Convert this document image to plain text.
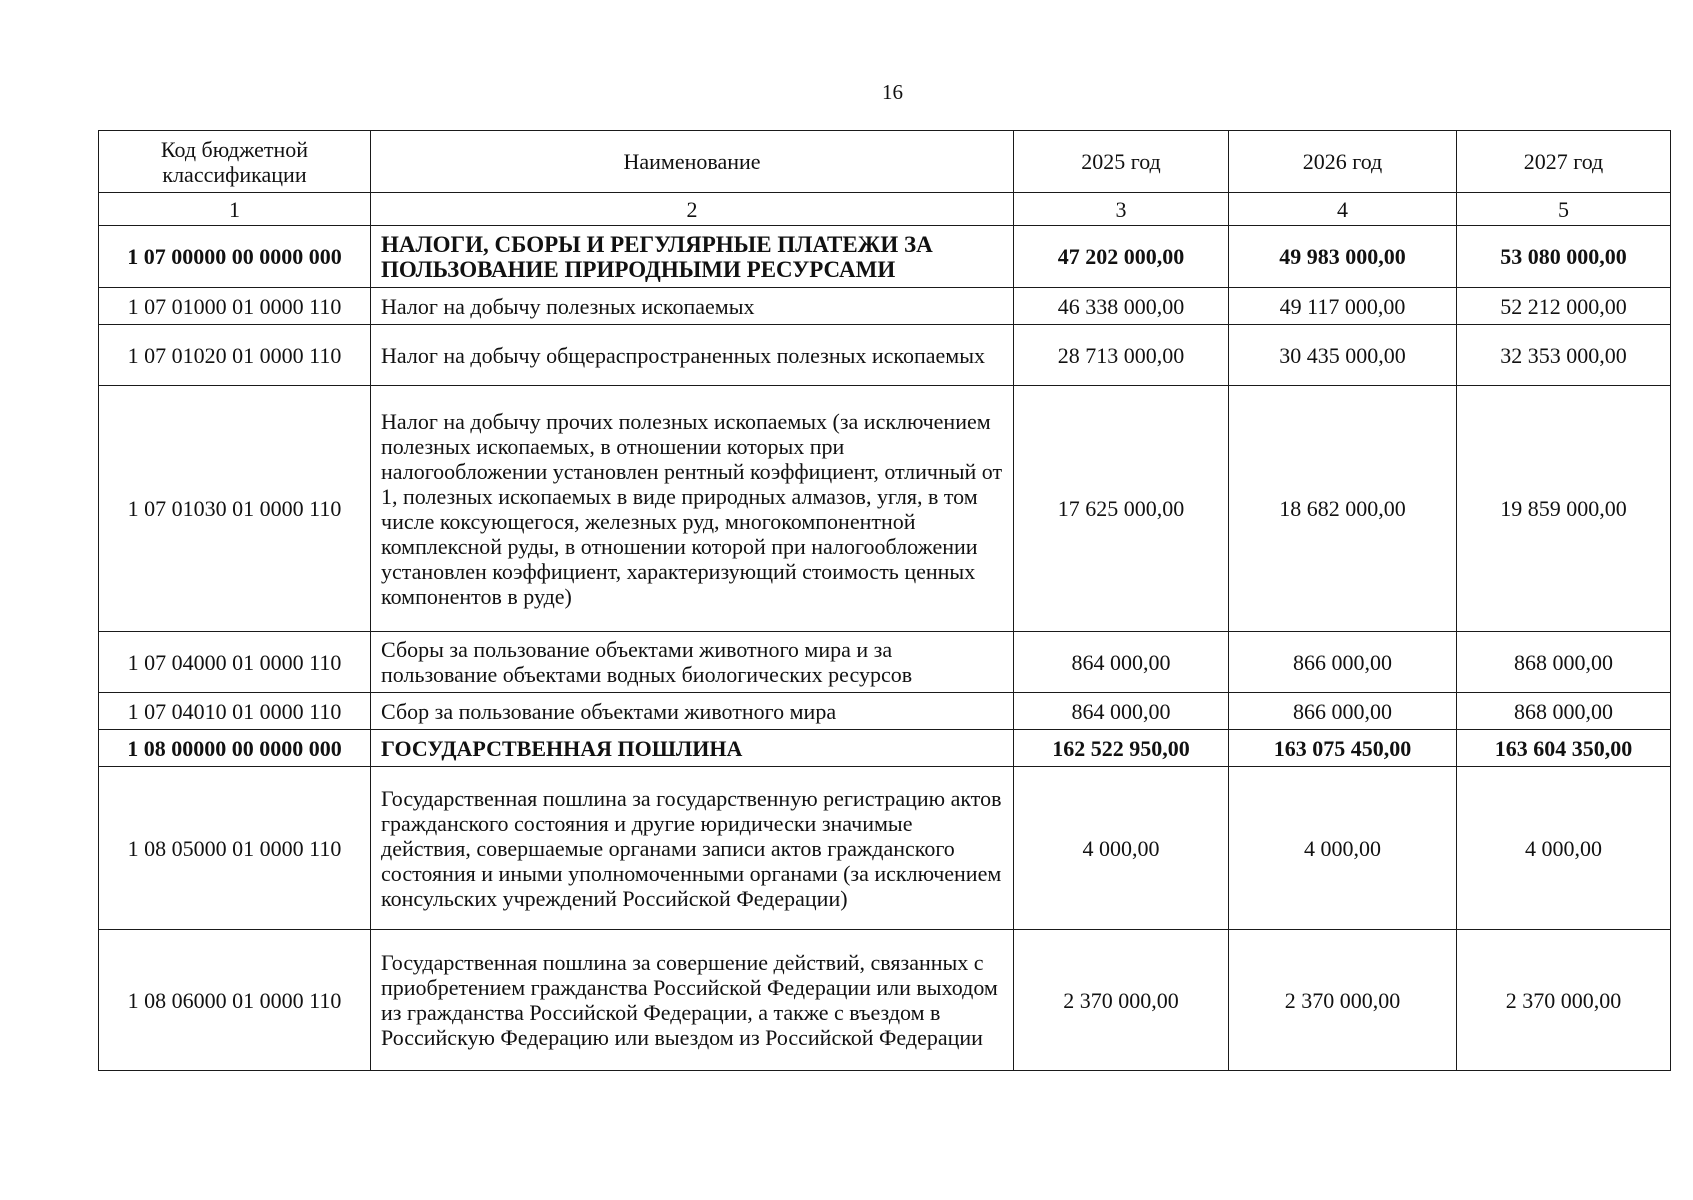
16
Код бюджетной классификации	Наименование	2025 год	2026 год	2027 год
1	2	3	4	5
1 07 00000 00 0000 000	НАЛОГИ, СБОРЫ И РЕГУЛЯРНЫЕ ПЛАТЕЖИ ЗА ПОЛЬЗОВАНИЕ ПРИРОДНЫМИ РЕСУРСАМИ	47 202 000,00	49 983 000,00	53 080 000,00
1 07 01000 01 0000 110	Налог на добычу полезных ископаемых	46 338 000,00	49 117 000,00	52 212 000,00
1 07 01020 01 0000 110	Налог на добычу общераспространенных полезных ископаемых	28 713 000,00	30 435 000,00	32 353 000,00
1 07 01030 01 0000 110	Налог на добычу прочих полезных ископаемых (за исключением полезных ископаемых, в отношении которых при налогообложении установлен рентный коэффициент, отличный от 1, полезных ископаемых в виде природных алмазов, угля, в том числе коксующегося, железных руд, многокомпонентной комплексной руды, в отношении которой при налогообложении установлен коэффициент, характеризующий стоимость ценных компонентов в руде)	17 625 000,00	18 682 000,00	19 859 000,00
1 07 04000 01 0000 110	Сборы за пользование объектами животного мира и за пользование объектами водных биологических ресурсов	864 000,00	866 000,00	868 000,00
1 07 04010 01 0000 110	Сбор за пользование объектами животного мира	864 000,00	866 000,00	868 000,00
1 08 00000 00 0000 000	ГОСУДАРСТВЕННАЯ ПОШЛИНА	162 522 950,00	163 075 450,00	163 604 350,00
1 08 05000 01 0000 110	Государственная пошлина за государственную регистрацию актов гражданского состояния и другие юридически значимые действия, совершаемые органами записи актов гражданского состояния и иными уполномоченными органами (за исключением консульских учреждений Российской Федерации)	4 000,00	4 000,00	4 000,00
1 08 06000 01 0000 110	Государственная пошлина за совершение действий, связанных с приобретением гражданства Российской Федерации или выходом из гражданства Российской Федерации, а также с въездом в Российскую Федерацию или выездом из Российской Федерации	2 370 000,00	2 370 000,00	2 370 000,00
